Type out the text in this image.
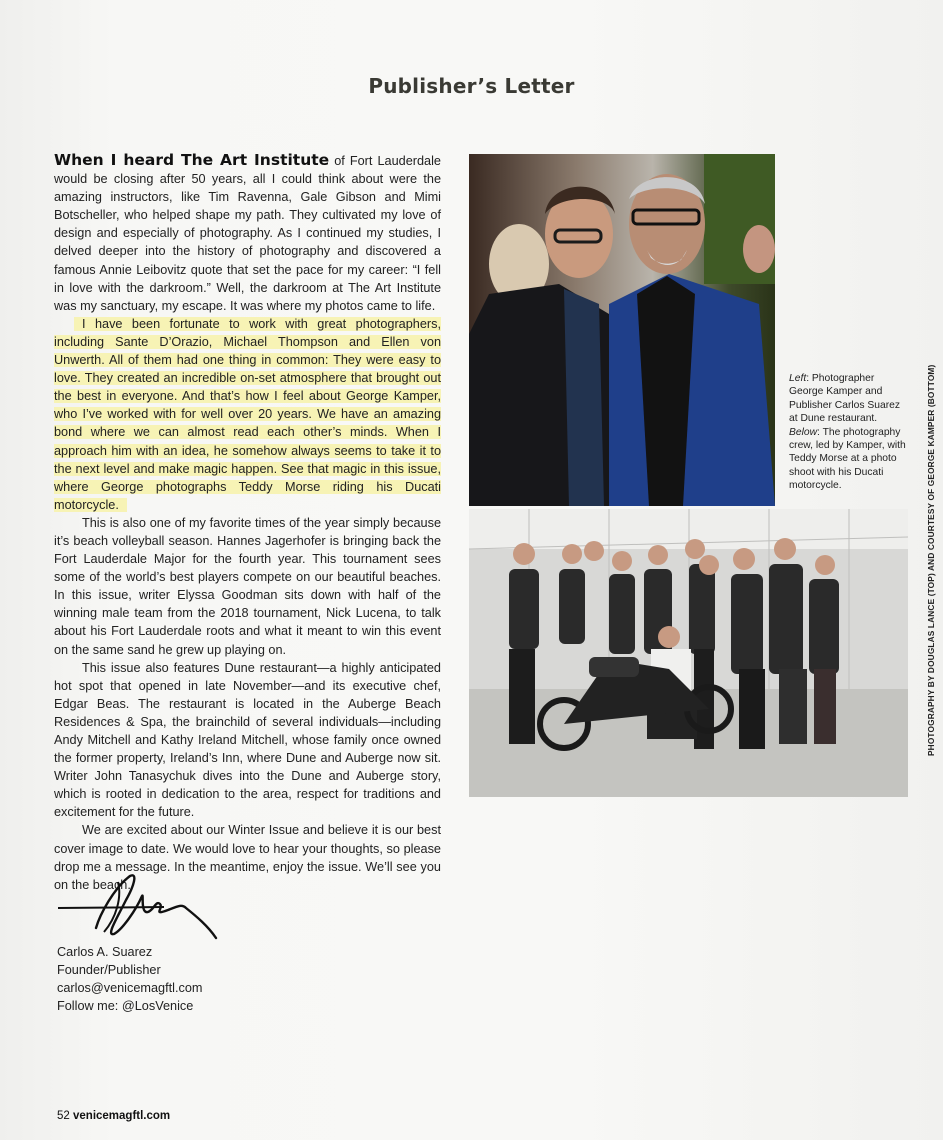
Publisher’s Letter

When I heard The Art Institute of Fort Lauderdale would be closing after 50 years, all I could think about were the amazing instructors, like Tim Ravenna, Gale Gibson and Mimi Botscheller, who helped shape my path. They cultivated my love of design and especially of photography. As I continued my studies, I delved deeper into the history of photography and discovered a famous Annie Leibovitz quote that set the pace for my career: “I fell in love with the darkroom.” Well, the darkroom at The Art Institute was my sanctuary, my escape. It was where my photos came to life.

I have been fortunate to work with great photographers, including Sante D’Orazio, Michael Thompson and Ellen von Unwerth. All of them had one thing in common: They were easy to love. They created an incredible on-set atmosphere that brought out the best in everyone. And that’s how I feel about George Kamper, who I’ve worked with for well over 20 years. We have an amazing bond where we can almost read each other’s minds. When I approach him with an idea, he somehow always seems to take it to the next level and make magic happen. See that magic in this issue, where George photographs Teddy Morse riding his Ducati motorcycle.

This is also one of my favorite times of the year simply because it’s beach volleyball season. Hannes Jagerhofer is bringing back the Fort Lauderdale Major for the fourth year. This tournament sees some of the world’s best players compete on our beautiful beaches. In this issue, writer Elyssa Goodman sits down with half of the winning male team from the 2018 tournament, Nick Lucena, to talk about his Fort Lauderdale roots and what it meant to win this event on the same sand he grew up playing on.

This issue also features Dune restaurant—a highly anticipated hot spot that opened in late November—and its executive chef, Edgar Beas. The restaurant is located in the Auberge Beach Residences & Spa, the brainchild of several individuals—including Andy Mitchell and Kathy Ireland Mitchell, whose family once owned the former property, Ireland’s Inn, where Dune and Auberge now sit. Writer John Tanasychuk dives into the Dune and Auberge story, which is rooted in dedication to the area, respect for traditions and excitement for the future.

We are excited about our Winter Issue and believe it is our best cover image to date. We would love to hear your thoughts, so please drop me a message. In the meantime, enjoy the issue. We’ll see you on the beach.

Carlos A. Suarez
Founder/Publisher
carlos@venicemagftl.com
Follow me: @LosVenice
52 venicemagftl.com
Left: Photographer George Kamper and Publisher Carlos Suarez at Dune restaurant. Below: The photography crew, led by Kamper, with Teddy Morse at a photo shoot with his Ducati motorcycle.	PHOTOGRAPHY BY DOUGLAS LANCE (TOP) AND COURTESY OF GEORGE KAMPER (BOTTOM)
